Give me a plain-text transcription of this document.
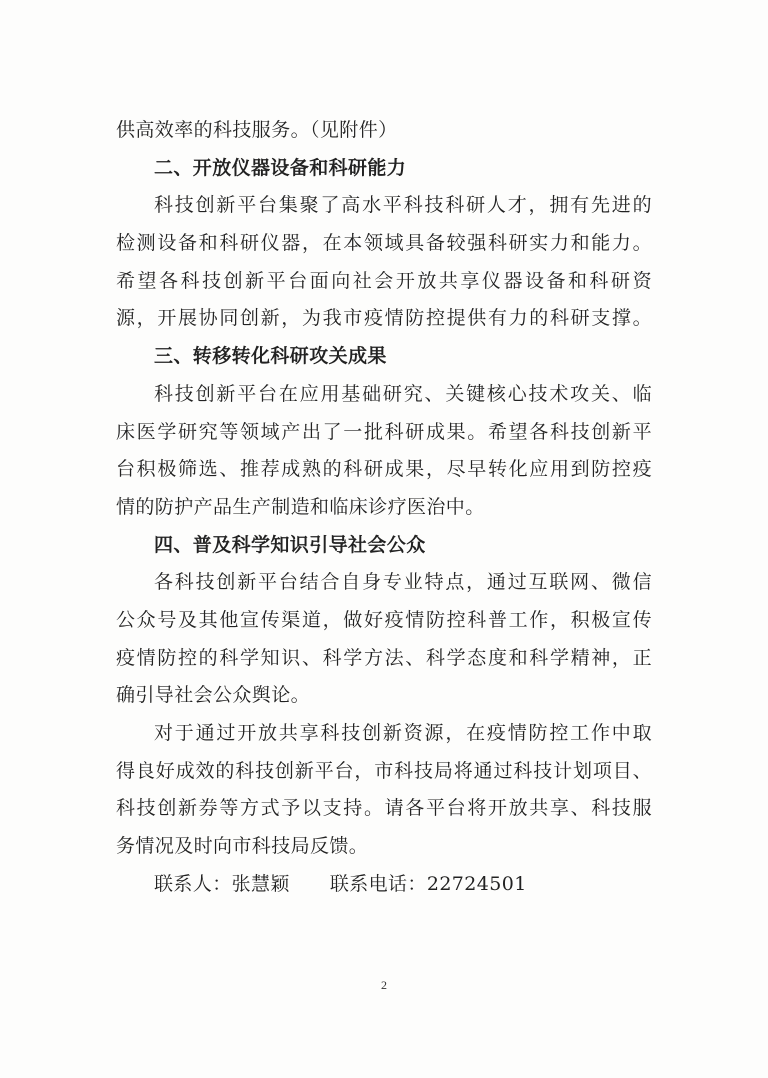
供高效率的科技服务。（见附件）
二、开放仪器设备和科研能力
科技创新平台集聚了高水平科技科研人才，拥有先进的
检测设备和科研仪器，在本领域具备较强科研实力和能力。
希望各科技创新平台面向社会开放共享仪器设备和科研资
源，开展协同创新，为我市疫情防控提供有力的科研支撑。
三、转移转化科研攻关成果
科技创新平台在应用基础研究、关键核心技术攻关、临
床医学研究等领域产出了一批科研成果。希望各科技创新平
台积极筛选、推荐成熟的科研成果，尽早转化应用到防控疫
情的防护产品生产制造和临床诊疗医治中。
四、普及科学知识引导社会公众
各科技创新平台结合自身专业特点，通过互联网、微信
公众号及其他宣传渠道，做好疫情防控科普工作，积极宣传
疫情防控的科学知识、科学方法、科学态度和科学精神，正
确引导社会公众舆论。
对于通过开放共享科技创新资源，在疫情防控工作中取
得良好成效的科技创新平台，市科技局将通过科技计划项目、
科技创新券等方式予以支持。请各平台将开放共享、科技服
务情况及时向市科技局反馈。
联系人：张慧颖 联系电话：22724501
2
